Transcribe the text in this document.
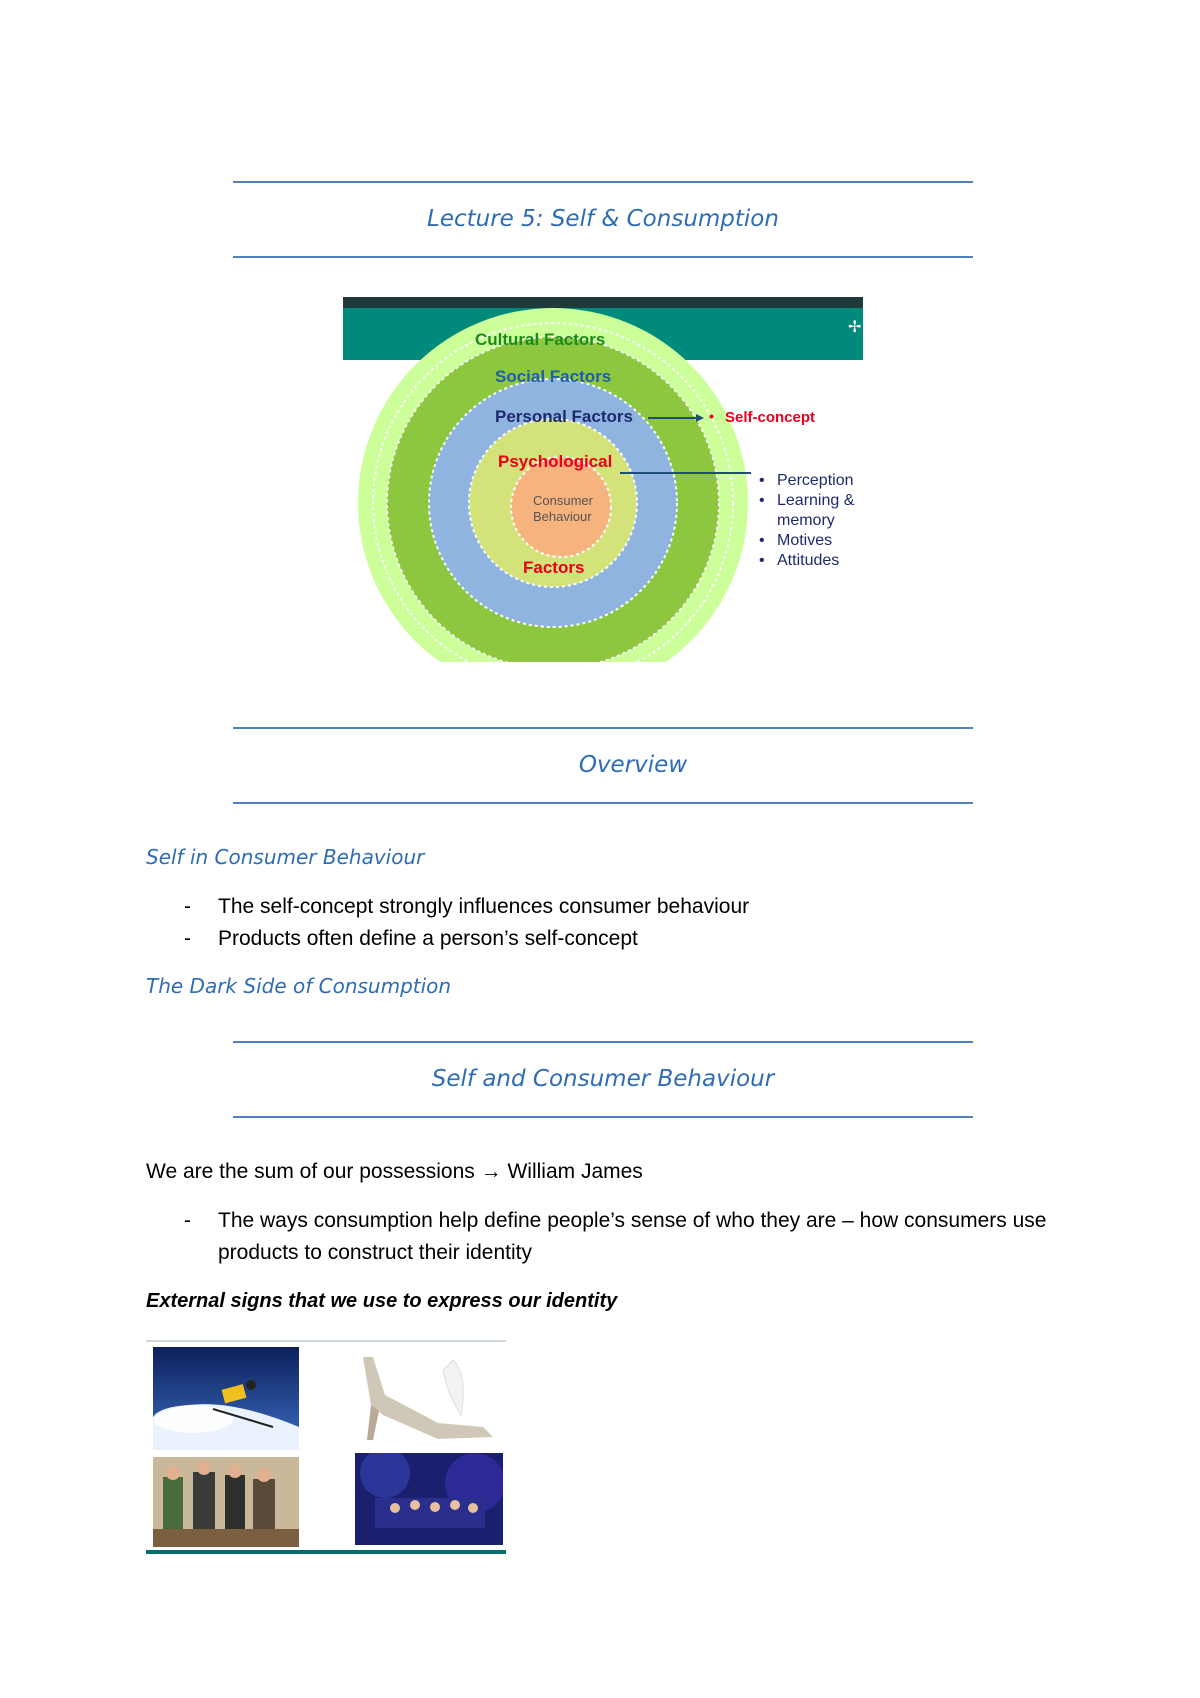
Lecture 5: Self & Consumption
✢
Cultural Factors
Social Factors
Personal Factors
Psychological
Factors
Consumer
Behaviour
• Self-concept
• Perception
• Learning & memory
• Motives
• Attitudes
Overview
Self in Consumer Behaviour
- The self-concept strongly influences consumer behaviour
- Products often define a person’s self-concept
The Dark Side of Consumption
Self and Consumer Behaviour
We are the sum of our possessions → William James
- The ways consumption help define people’s sense of who they are – how consumers use products to construct their identity
External signs that we use to express our identity
